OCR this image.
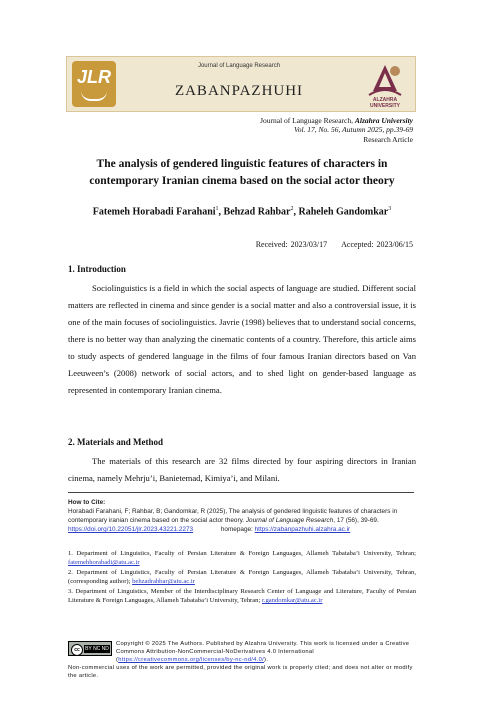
JLR
Journal of Language Research
ZABANPAZHUHI
ALZAHRA UNIVERSITY
Journal of Language Research, Alzahra University
Vol. 17, No. 56, Autumn 2025, pp.39-69
Research Article
The analysis of gendered linguistic features of characters in
contemporary Iranian cinema based on the social actor theory
Fatemeh Horabadi Farahani$^1$, Behzad Rahbar$^2$, Raheleh Gandomkar$^3$
Received: 2023/03/17 Accepted: 2023/06/15
1. Introduction

Sociolinguistics is a field in which the social aspects of language are studied. Different social matters are reflected in cinema and since gender is a social matter and also a controversial issue, it is one of the main focuses of sociolinguistics. Javrie (1998) believes that to understand social concerns, there is no better way than analyzing the cinematic contents of a country. Therefore, this article aims to study aspects of gendered language in the films of four famous Iranian directors based on Van Leeuween’s (2008) network of social actors, and to shed light on gender-based language as represented in contemporary Iranian cinema.

2. Materials and Method

The materials of this research are 32 films directed by four aspiring directors in Iranian cinema, namely Mehrju’i, Banietemad, Kimiya’i, and Milani.

How to Cite:
Horabadi Farahani, F; Rahbar, B; Gandomkar, R (2025), The analysis of gendered linguistic features of characters in contemporary iranian cinema based on the social actor theory. Journal of Language Research, 17 (56), 39-69.
https://doi.org/10.22051/jlr.2023.43221.2273	homepage: https://zabanpazhuhi.alzahra.ac.ir
1. Department of Linguistics, Faculty of Persian Literature & Foreign Languages, Allameh Tabataba’i University, Tehran; fatemehhorabadi@atu.ac.ir
2. Department of Linguistics, Faculty of Persian Literature & Foreign Languages, Allameh Tabataba’i University, Tehran, (corresponding author); behzadrahbar@atu.ac.ir
3. Department of Linguistics, Member of the Interdisciplinary Research Center of Language and Literature, Faculty of Persian Literature & Foreign Languages, Allameh Tabataba’i University, Tehran; r.gandomkar@atu.ac.ir
cc	BY NC ND
Copyright © 2025 The Authors. Published by Alzahra University. This work is licensed under a Creative Commons Attribution-NonCommercial-NoDerivatives 4.0 International (https://creativecommons.org/licenses/by-nc-nd/4.0/).
Non-commercial uses of the work are permitted, provided the original work is properly cited; and does not alter or modify the article.
